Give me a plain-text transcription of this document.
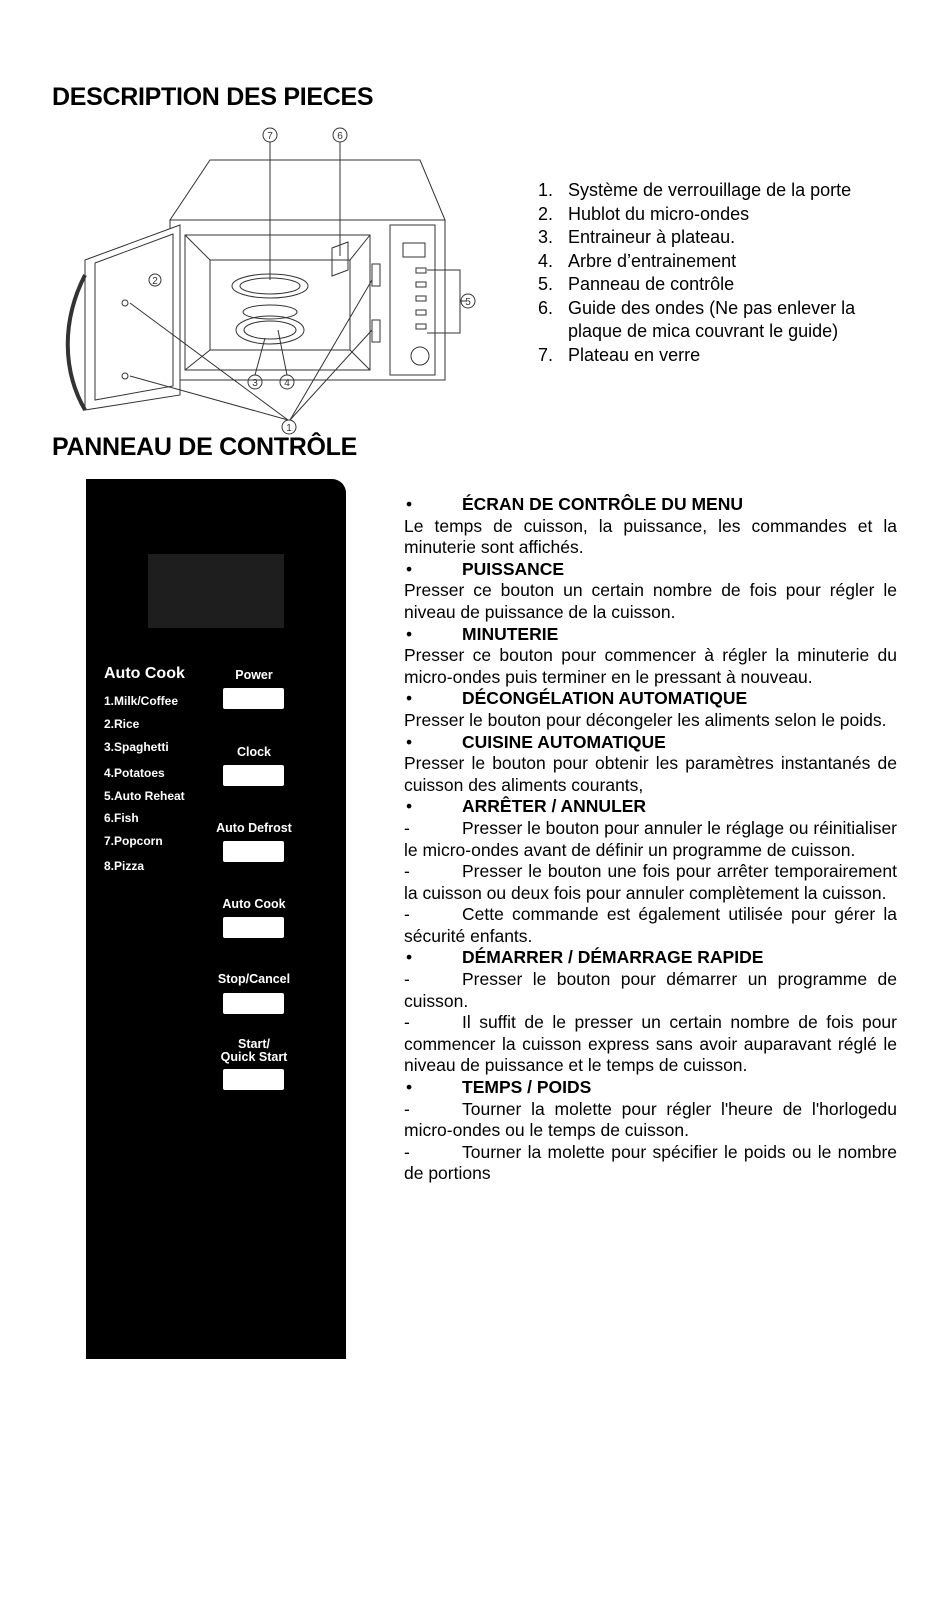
DESCRIPTION DES PIECES
7	6
5
3	4
1
2
1. Système de verrouillage de la porte
2. Hublot du micro-ondes
3. Entraineur à plateau.
4. Arbre d’entrainement
5. Panneau de contrôle
6. Guide des ondes (Ne pas enlever la plaque de mica couvrant le guide)
7. Plateau en verre
PANNEAU DE CONTRÔLE
Auto Cook
1.Milk/Coffee
2.Rice
3.Spaghetti
4.Potatoes
5.Auto Reheat
6.Fish
7.Popcorn
8.Pizza
Power
Clock
Auto Defrost
Auto Cook
Stop/Cancel
Start/
Quick Start
TIME/WEIGHT
•	ÉCRAN DE CONTRÔLE DU MENU
Le temps de cuisson, la puissance, les commandes et la minuterie sont affichés.
•	PUISSANCE
Presser ce bouton un certain nombre de fois pour régler le niveau de puissance de la cuisson.
•	MINUTERIE
Presser ce bouton pour commencer à régler la minuterie du micro-ondes puis terminer en le pressant à nouveau.
•	DÉCONGÉLATION AUTOMATIQUE
Presser le bouton pour décongeler les aliments selon le poids.
•	CUISINE AUTOMATIQUE
Presser le bouton pour obtenir les paramètres instantanés de cuisson des aliments courants,
•	ARRÊTER / ANNULER
-	Presser le bouton pour annuler le réglage ou réinitialiser le micro-ondes avant de définir un programme de cuisson.
-	Presser le bouton une fois pour arrêter temporairement la cuisson ou deux fois pour annuler complètement la cuisson.
-	Cette commande est également utilisée pour gérer la sécurité enfants.
•	DÉMARRER / DÉMARRAGE RAPIDE
-	Presser le bouton pour démarrer un programme de cuisson.
-	Il suffit de le presser un certain nombre de fois pour commencer la cuisson express sans avoir auparavant réglé le niveau de puissance et le temps de cuisson.
•	TEMPS / POIDS
-	Tourner la molette pour régler l'heure de l'horlogedu micro-ondes ou le temps de cuisson.
-	Tourner la molette pour spécifier le poids ou le nombre de portions
